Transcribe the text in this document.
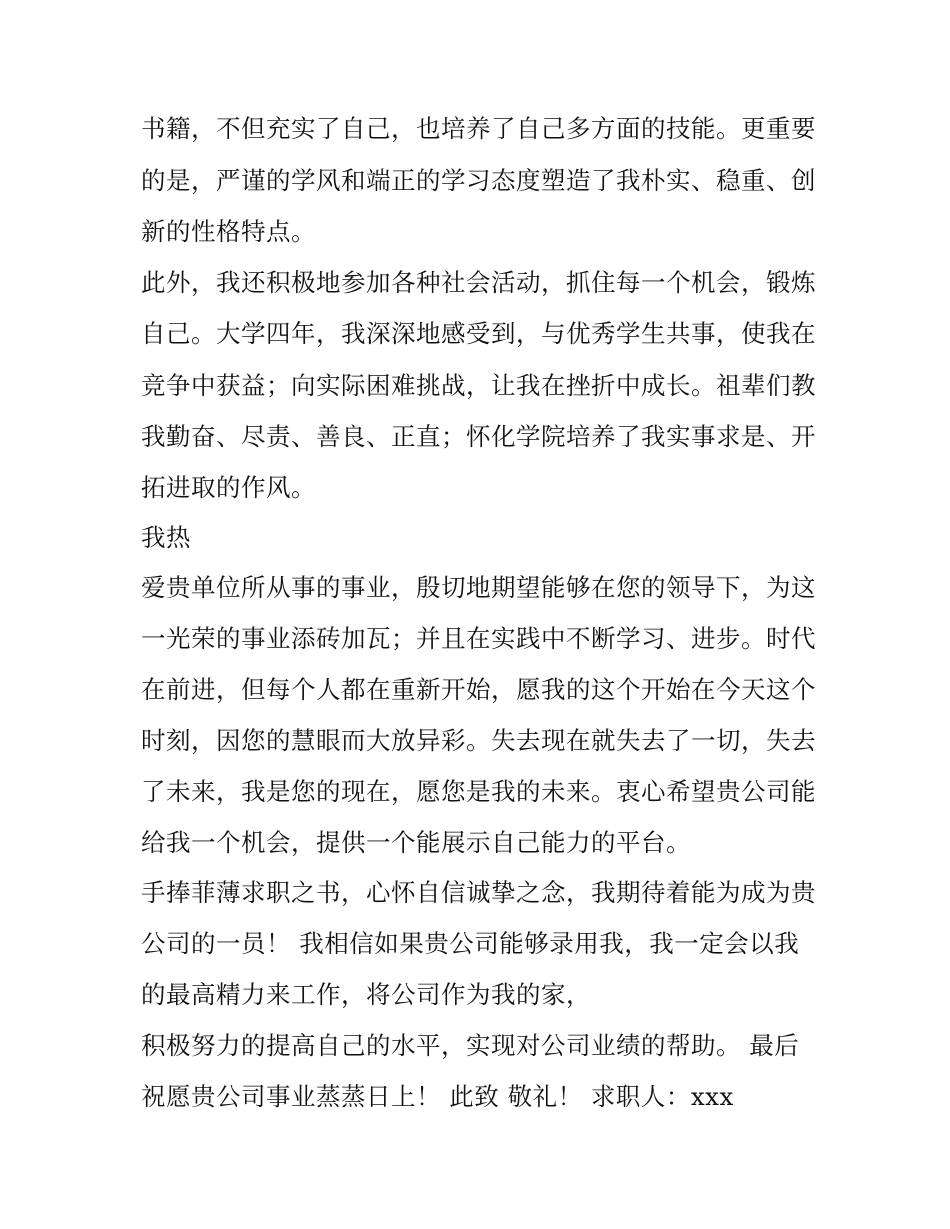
书籍，不但充实了自己，也培养了自己多方面的技能。更重要
的是，严谨的学风和端正的学习态度塑造了我朴实、稳重、创
新的性格特点。
此外，我还积极地参加各种社会活动，抓住每一个机会，锻炼
自己。大学四年，我深深地感受到，与优秀学生共事，使我在
竞争中获益；向实际困难挑战，让我在挫折中成长。祖辈们教
我勤奋、尽责、善良、正直；怀化学院培养了我实事求是、开
拓进取的作风。
我热
爱贵单位所从事的事业，殷切地期望能够在您的领导下，为这
一光荣的事业添砖加瓦；并且在实践中不断学习、进步。时代
在前进，但每个人都在重新开始，愿我的这个开始在今天这个
时刻，因您的慧眼而大放异彩。失去现在就失去了一切，失去
了未来，我是您的现在，愿您是我的未来。衷心希望贵公司能
给我一个机会，提供一个能展示自己能力的平台。
手捧菲薄求职之书，心怀自信诚挚之念，我期待着能为成为贵
公司的一员！ 我相信如果贵公司能够录用我，我一定会以我
的最高精力来工作，将公司作为我的家，
积极努力的提高自己的水平，实现对公司业绩的帮助。 最后
祝愿贵公司事业蒸蒸日上！ 此致 敬礼！ 求职人：xxx
